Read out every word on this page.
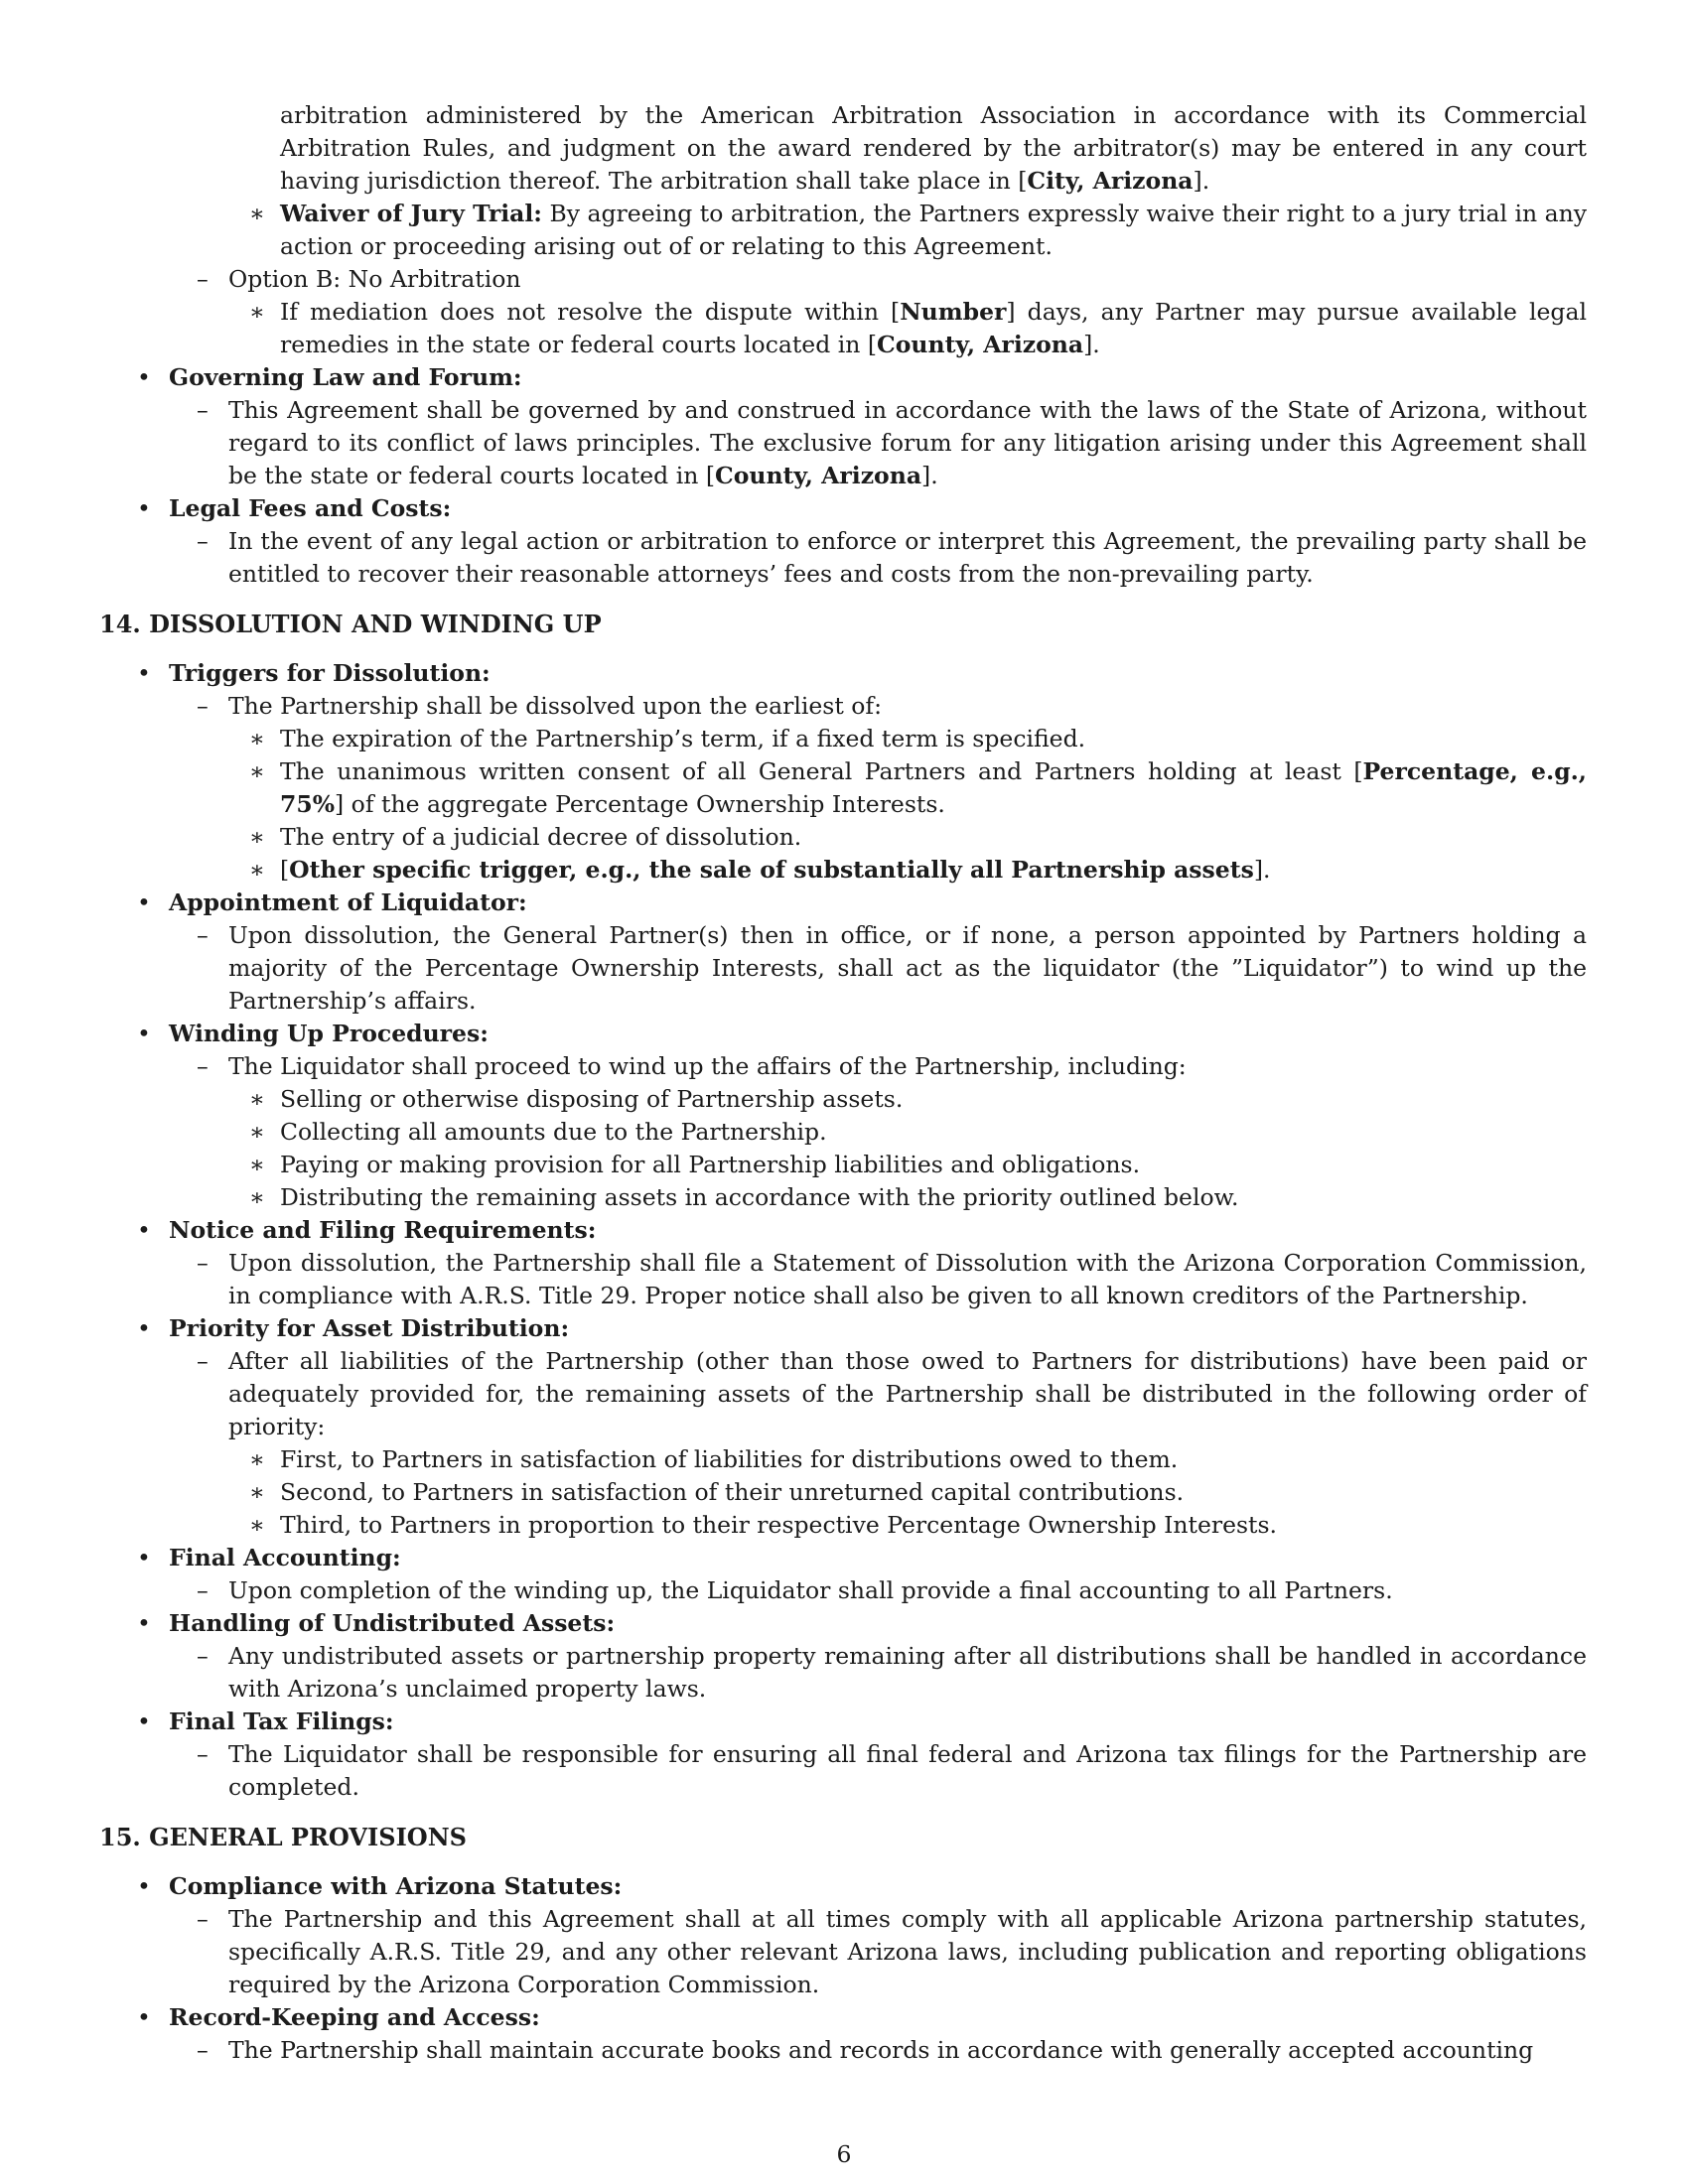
arbitration administered by the American Arbitration Association in accordance with its Commercial Arbitration Rules, and judgment on the award rendered by the arbitrator(s) may be entered in any court having jurisdiction thereof. The arbitration shall take place in [City, Arizona].
∗ Waiver of Jury Trial: By agreeing to arbitration, the Partners expressly waive their right to a jury trial in any action or proceeding arising out of or relating to this Agreement.
– Option B: No Arbitration
∗ If mediation does not resolve the dispute within [Number] days, any Partner may pursue available legal remedies in the state or federal courts located in [County, Arizona].
• Governing Law and Forum:
– This Agreement shall be governed by and construed in accordance with the laws of the State of Arizona, without regard to its conflict of laws principles. The exclusive forum for any litigation arising under this Agreement shall be the state or federal courts located in [County, Arizona].
• Legal Fees and Costs:
– In the event of any legal action or arbitration to enforce or interpret this Agreement, the prevailing party shall be entitled to recover their reasonable attorneys’ fees and costs from the non-prevailing party.
14. DISSOLUTION AND WINDING UP
• Triggers for Dissolution:
– The Partnership shall be dissolved upon the earliest of:
∗ The expiration of the Partnership’s term, if a fixed term is specified.
∗ The unanimous written consent of all General Partners and Partners holding at least [Percentage, e.g., 75%] of the aggregate Percentage Ownership Interests.
∗ The entry of a judicial decree of dissolution.
∗ [Other specific trigger, e.g., the sale of substantially all Partnership assets].
• Appointment of Liquidator:
– Upon dissolution, the General Partner(s) then in office, or if none, a person appointed by Partners holding a majority of the Percentage Ownership Interests, shall act as the liquidator (the ”Liquidator”) to wind up the Partnership’s affairs.
• Winding Up Procedures:
– The Liquidator shall proceed to wind up the affairs of the Partnership, including:
∗ Selling or otherwise disposing of Partnership assets.
∗ Collecting all amounts due to the Partnership.
∗ Paying or making provision for all Partnership liabilities and obligations.
∗ Distributing the remaining assets in accordance with the priority outlined below.
• Notice and Filing Requirements:
– Upon dissolution, the Partnership shall file a Statement of Dissolution with the Arizona Corporation Commission, in compliance with A.R.S. Title 29. Proper notice shall also be given to all known creditors of the Partnership.
• Priority for Asset Distribution:
– After all liabilities of the Partnership (other than those owed to Partners for distributions) have been paid or adequately provided for, the remaining assets of the Partnership shall be distributed in the following order of priority:
∗ First, to Partners in satisfaction of liabilities for distributions owed to them.
∗ Second, to Partners in satisfaction of their unreturned capital contributions.
∗ Third, to Partners in proportion to their respective Percentage Ownership Interests.
• Final Accounting:
– Upon completion of the winding up, the Liquidator shall provide a final accounting to all Partners.
• Handling of Undistributed Assets:
– Any undistributed assets or partnership property remaining after all distributions shall be handled in accordance with Arizona’s unclaimed property laws.
• Final Tax Filings:
– The Liquidator shall be responsible for ensuring all final federal and Arizona tax filings for the Partnership are completed.
15. GENERAL PROVISIONS
• Compliance with Arizona Statutes:
– The Partnership and this Agreement shall at all times comply with all applicable Arizona partnership statutes, specifically A.R.S. Title 29, and any other relevant Arizona laws, including publication and reporting obligations required by the Arizona Corporation Commission.
• Record-Keeping and Access:
– The Partnership shall maintain accurate books and records in accordance with generally accepted accounting
6
